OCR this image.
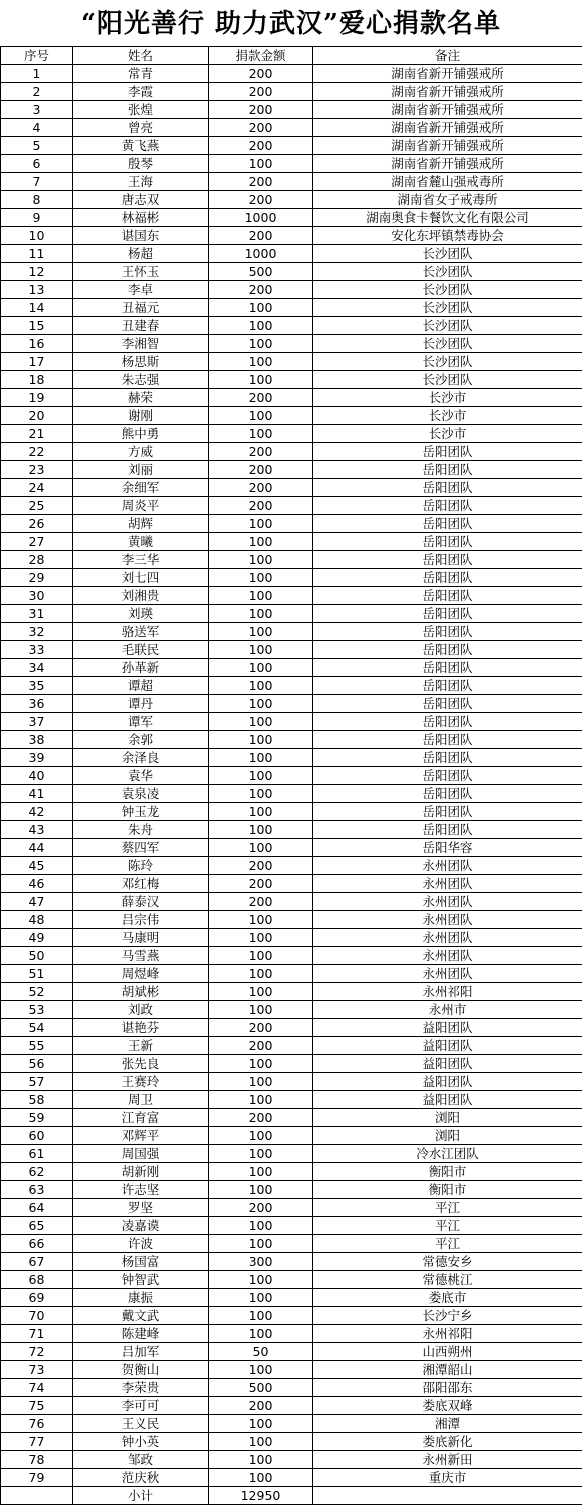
“阳光善行 助力武汉”爱心捐款名单
序号	姓名	捐款金额	备注
1	常青	200	湖南省新开铺强戒所
2	李霞	200	湖南省新开铺强戒所
3	张煌	200	湖南省新开铺强戒所
4	曾亮	200	湖南省新开铺强戒所
5	黄飞燕	200	湖南省新开铺强戒所
6	殷琴	100	湖南省新开铺强戒所
7	王海	200	湖南省麓山强戒毒所
8	唐志双	200	湖南省女子戒毒所
9	林福彬	1000	湖南奥食卡餐饮文化有限公司
10	谌国东	200	安化东坪镇禁毒协会
11	杨超	1000	长沙团队
12	王怀玉	500	长沙团队
13	李卓	200	长沙团队
14	丑福元	100	长沙团队
15	丑建春	100	长沙团队
16	李湘智	100	长沙团队
17	杨思斯	100	长沙团队
18	朱志强	100	长沙团队
19	赫荣	200	长沙市
20	谢刚	100	长沙市
21	熊中勇	100	长沙市
22	方威	200	岳阳团队
23	刘丽	200	岳阳团队
24	余细军	200	岳阳团队
25	周炎平	200	岳阳团队
26	胡辉	100	岳阳团队
27	黄曦	100	岳阳团队
28	李三华	100	岳阳团队
29	刘七四	100	岳阳团队
30	刘湘贵	100	岳阳团队
31	刘瑛	100	岳阳团队
32	骆送军	100	岳阳团队
33	毛联民	100	岳阳团队
34	孙革新	100	岳阳团队
35	谭超	100	岳阳团队
36	谭丹	100	岳阳团队
37	谭军	100	岳阳团队
38	余郭	100	岳阳团队
39	余泽良	100	岳阳团队
40	袁华	100	岳阳团队
41	袁泉凌	100	岳阳团队
42	钟玉龙	100	岳阳团队
43	朱舟	100	岳阳团队
44	蔡四军	100	岳阳华容
45	陈玲	200	永州团队
46	邓红梅	200	永州团队
47	薛泰汉	200	永州团队
48	吕宗伟	100	永州团队
49	马康明	100	永州团队
50	马雪燕	100	永州团队
51	周煜峰	100	永州团队
52	胡斌彬	100	永州祁阳
53	刘政	100	永州市
54	谌艳芬	200	益阳团队
55	王新	200	益阳团队
56	张先良	100	益阳团队
57	王赛玲	100	益阳团队
58	周卫	100	益阳团队
59	江育富	200	浏阳
60	邓辉平	100	浏阳
61	周国强	100	冷水江团队
62	胡新刚	100	衡阳市
63	许志坚	100	衡阳市
64	罗坚	200	平江
65	凌嘉谟	100	平江
66	许波	100	平江
67	杨国富	300	常德安乡
68	钟智武	100	常德桃江
69	康振	100	娄底市
70	戴文武	100	长沙宁乡
71	陈建峰	100	永州祁阳
72	吕加军	50	山西朔州
73	贺衡山	100	湘潭韶山
74	李荣贵	500	邵阳邵东
75	李可可	200	娄底双峰
76	王义民	100	湘潭
77	钟小英	100	娄底新化
78	邹政	100	永州新田
79	范庆秋	100	重庆市
	小计	12950	
